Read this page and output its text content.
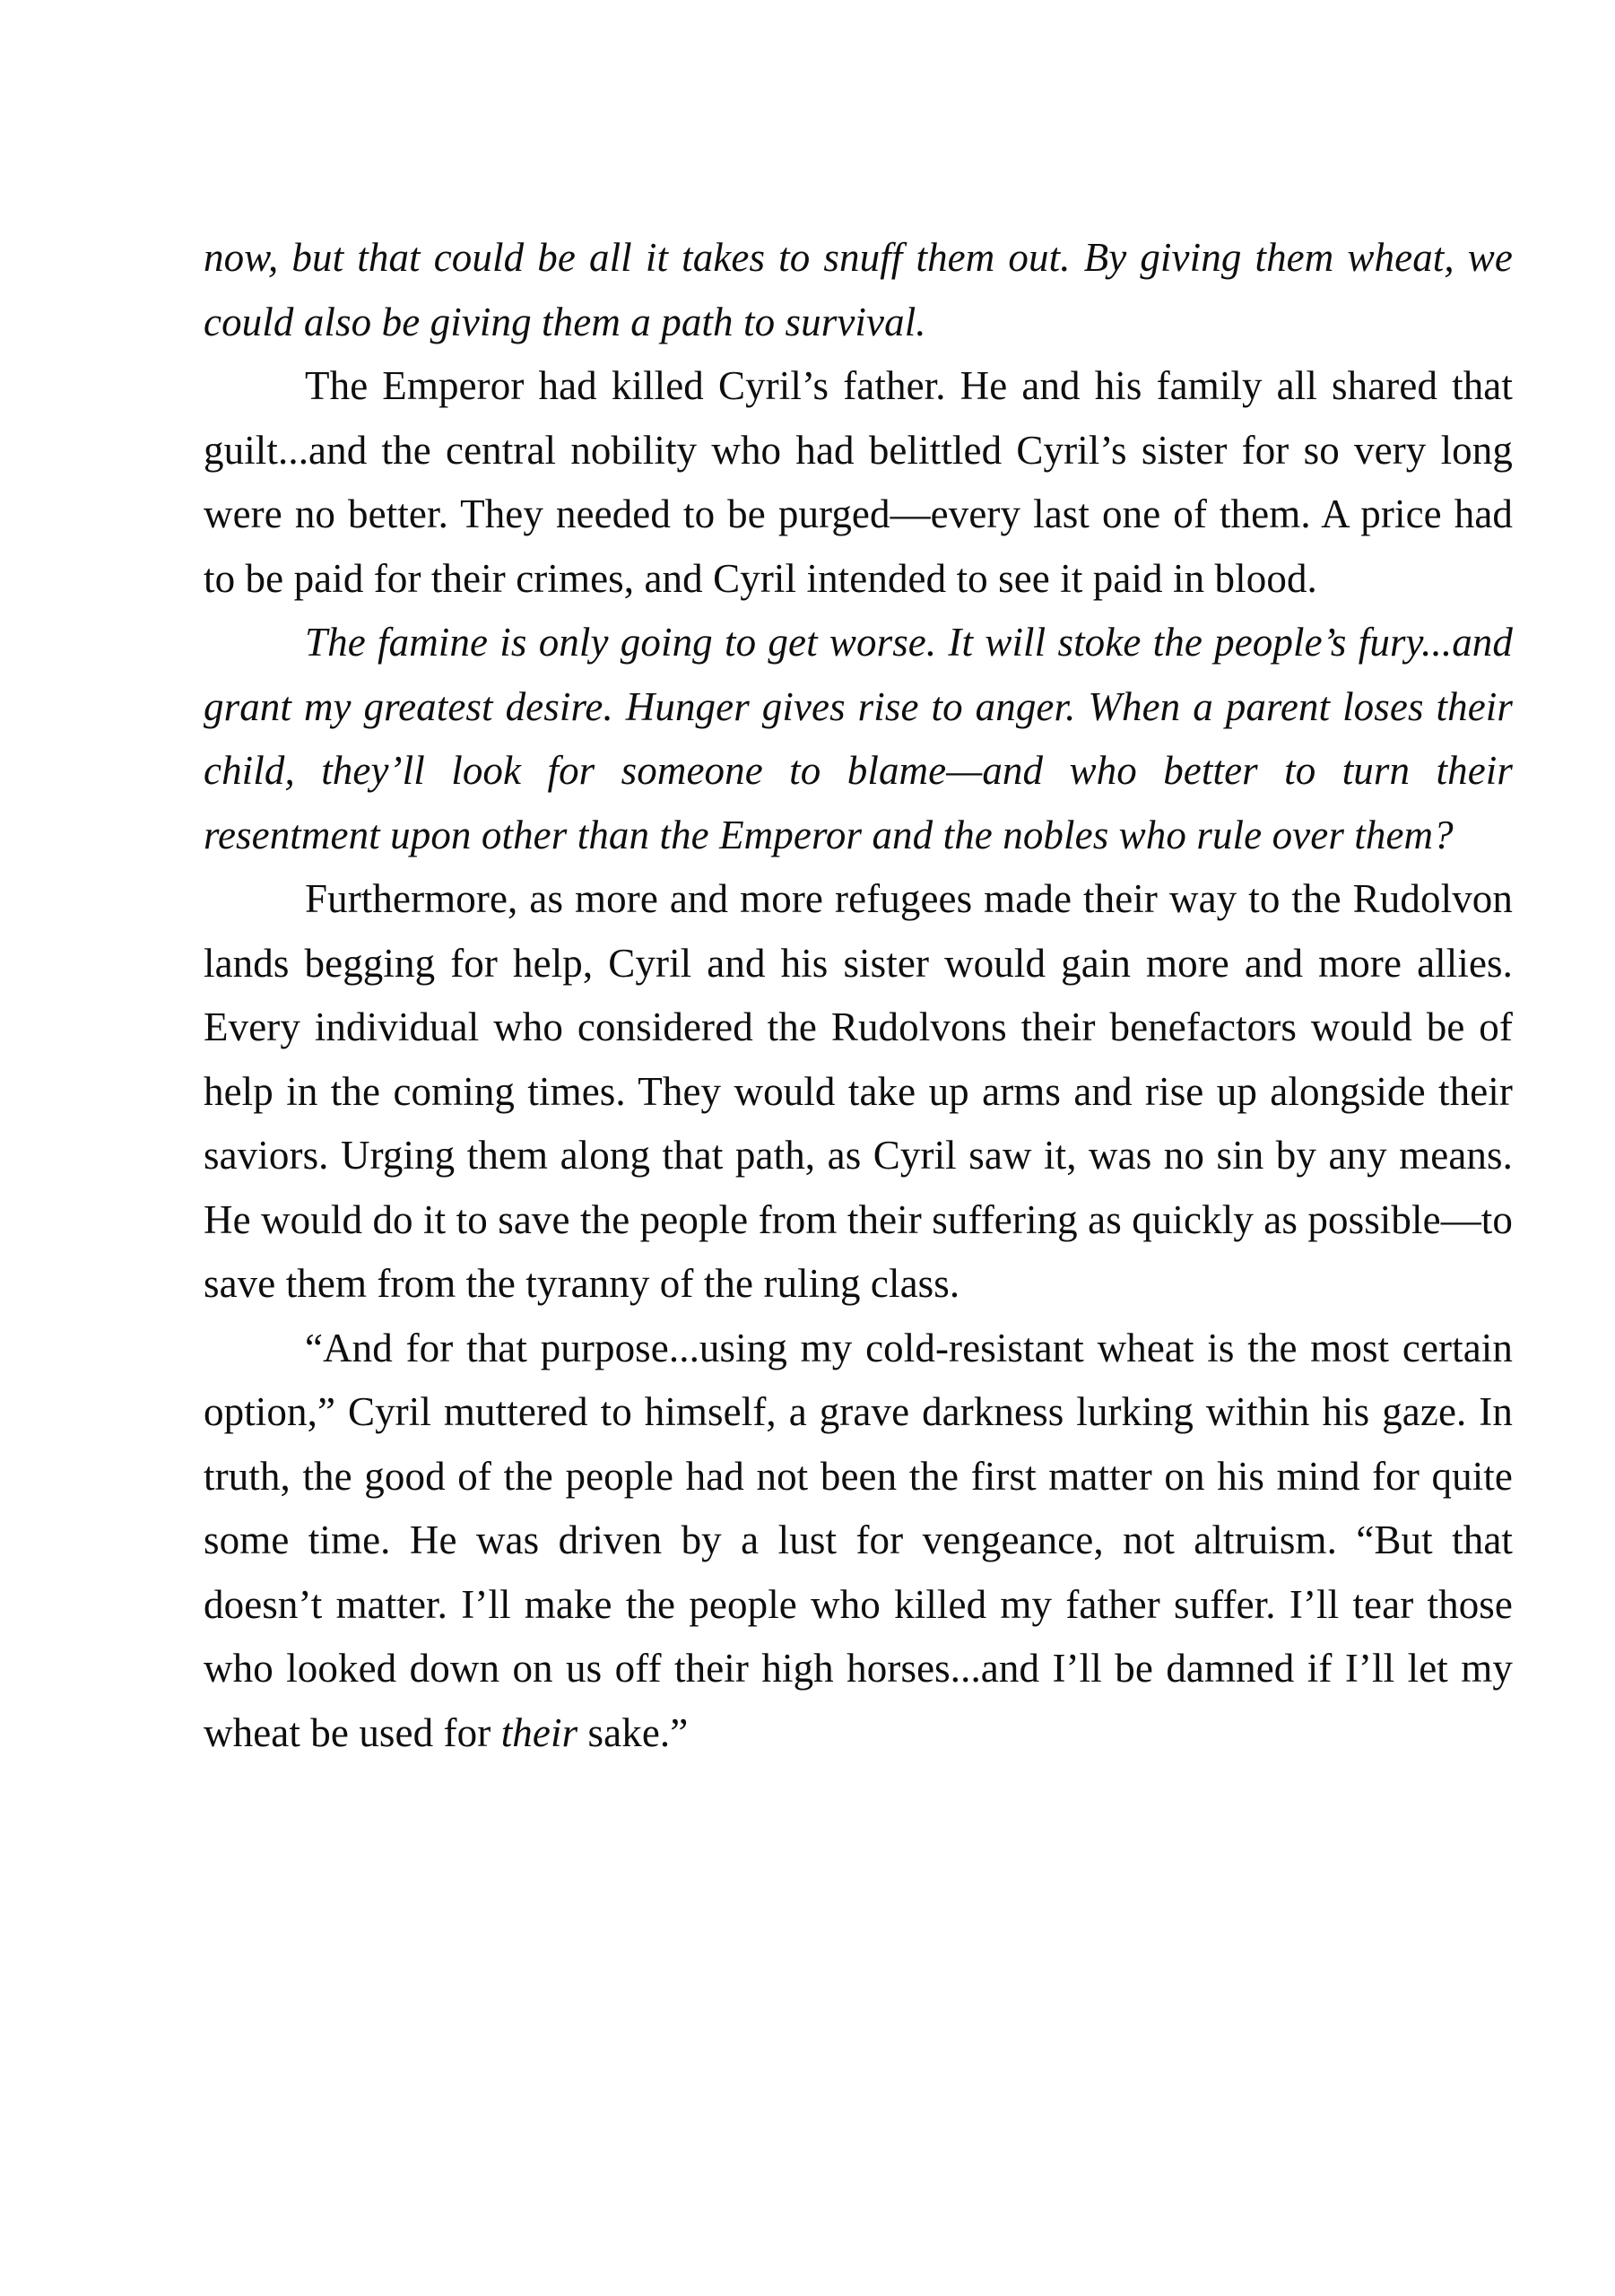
now, but that could be all it takes to snuff them out. By giving them wheat, we could also be giving them a path to survival.

The Emperor had killed Cyril’s father. He and his family all shared that guilt...and the central nobility who had belittled Cyril’s sister for so very long were no better. They needed to be purged—every last one of them. A price had to be paid for their crimes, and Cyril intended to see it paid in blood.

The famine is only going to get worse. It will stoke the people’s fury...and grant my greatest desire. Hunger gives rise to anger. When a parent loses their child, they’ll look for someone to blame—and who better to turn their resentment upon other than the Emperor and the nobles who rule over them?

Furthermore, as more and more refugees made their way to the Rudolvon lands begging for help, Cyril and his sister would gain more and more allies. Every individual who considered the Rudolvons their benefactors would be of help in the coming times. They would take up arms and rise up alongside their saviors. Urging them along that path, as Cyril saw it, was no sin by any means. He would do it to save the people from their suffering as quickly as possible—to save them from the tyranny of the ruling class.

“And for that purpose...using my cold-resistant wheat is the most certain option,” Cyril muttered to himself, a grave darkness lurking within his gaze. In truth, the good of the people had not been the first matter on his mind for quite some time. He was driven by a lust for vengeance, not altruism. “But that doesn’t matter. I’ll make the people who killed my father suffer. I’ll tear those who looked down on us off their high horses...and I’ll be damned if I’ll let my wheat be used for their sake.”
